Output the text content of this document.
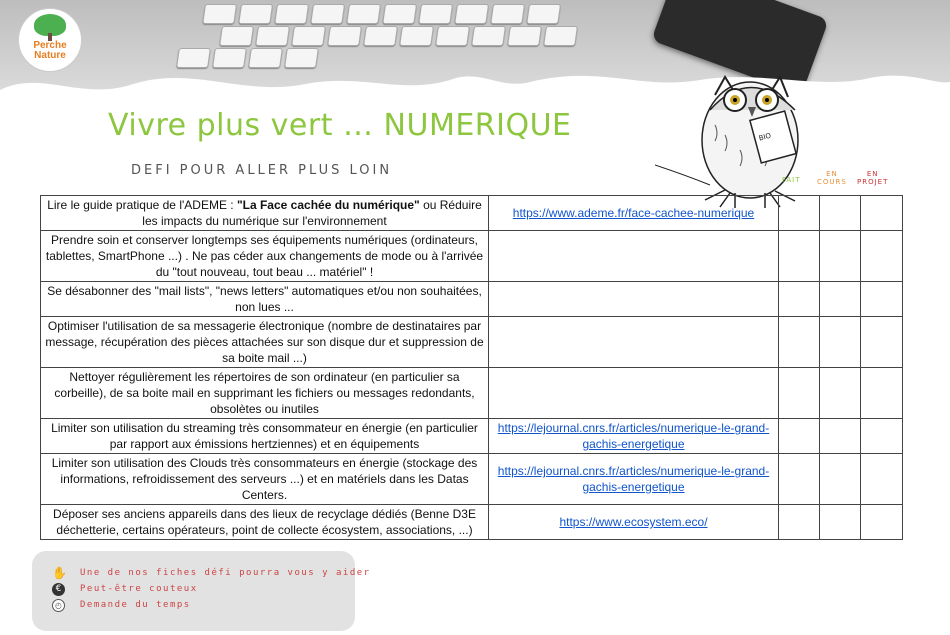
Perche
Nature
Vivre plus vert … NUMERIQUE
DEFI POUR ALLER PLUS LOIN
BIO
FAIT
EN
COURS
EN
PROJET
Lire le guide pratique de l'ADEME : "La Face cachée du numérique" ou Réduire les impacts du numérique sur l'environnement	https://www.ademe.fr/face-cachee-numerique			
Prendre soin et conserver longtemps ses équipements numériques (ordinateurs, tablettes, SmartPhone ...) . Ne pas céder aux changements de mode ou à l'arrivée du "tout nouveau, tout beau ... matériel" !				
Se désabonner des "mail lists", "news letters" automatiques et/ou non souhaitées, non lues ...				
Optimiser l'utilisation de sa messagerie électronique (nombre de destinataires par message, récupération des pièces attachées sur son disque dur et suppression de sa boite mail ...)				
Nettoyer régulièrement les répertoires de son ordinateur (en particulier sa corbeille), de sa boite mail en supprimant les fichiers ou messages redondants, obsolètes ou inutiles				
Limiter son utilisation du streaming très consommateur en énergie (en particulier par rapport aux émissions hertziennes) et en équipements	https://lejournal.cnrs.fr/articles/numerique-le-grand-gachis-energetique			
Limiter son utilisation des Clouds très consommateurs en énergie (stockage des informations, refroidissement des serveurs ...) et en matériels dans les Datas Centers.	https://lejournal.cnrs.fr/articles/numerique-le-grand-gachis-energetique			
Déposer ses anciens appareils dans des lieux de recyclage dédiés (Benne D3E déchetterie, certains opérateurs, point de collecte écosystem, associations, ...)	https://www.ecosystem.eco/			
✋ Une de nos fiches défi pourra vous y aider
€	Peut-être couteux
◴	Demande du temps
